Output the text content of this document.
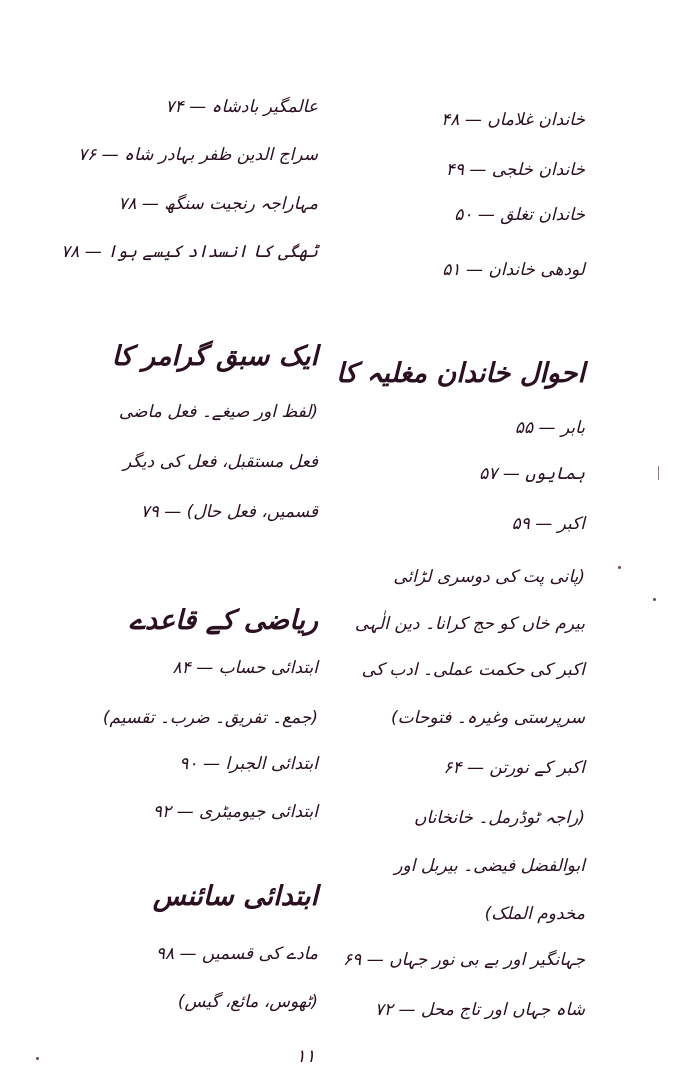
خاندان غلاماں — ۴۸
خاندان خلجی — ۴۹
خاندان تغلق — ۵۰
لودھی خاندان — ۵۱
احوال خاندان مغلیہ کا
بابر — ۵۵
ہمایوں — ۵۷
اکبر — ۵۹
(پانی پت کی دوسری لڑائی
بیرم خاں کو حج کرانا۔ دین الٰہی
اکبر کی حکمت عملی۔ ادب کی
سرپرستی وغیرہ۔ فتوحات)
اکبر کے نورتن — ۶۴
(راجہ ٹوڈرمل۔ خانخاناں
ابوالفضل فیضی۔ بیربل اور
مخدوم الملک)
جہانگیر اور بے بی نور جہاں — ۶۹
شاہ جہاں اور تاج محل — ۷۲
عالمگیر بادشاہ — ۷۴
سراج الدین ظفر بہادر شاہ — ۷۶
مہاراجہ رنجیت سنگھ — ۷۸
ٹھگی کا انسداد کیسے ہوا — ۷۸
ایک سبق گرامر کا
(لفظ اور صیغے۔ فعل ماضی
فعل مستقبل، فعل کی دیگر
قسمیں، فعل حال) — ۷۹
ریاضی کے قاعدے
ابتدائی حساب — ۸۴
(جمع۔ تفریق۔ ضرب۔ تقسیم)
ابتدائی الجبرا — ۹۰
ابتدائی جیومیٹری — ۹۲
ابتدائی سائنس
مادے کی قسمیں — ۹۸
(ٹھوس، مائع، گیس)
۱۱
